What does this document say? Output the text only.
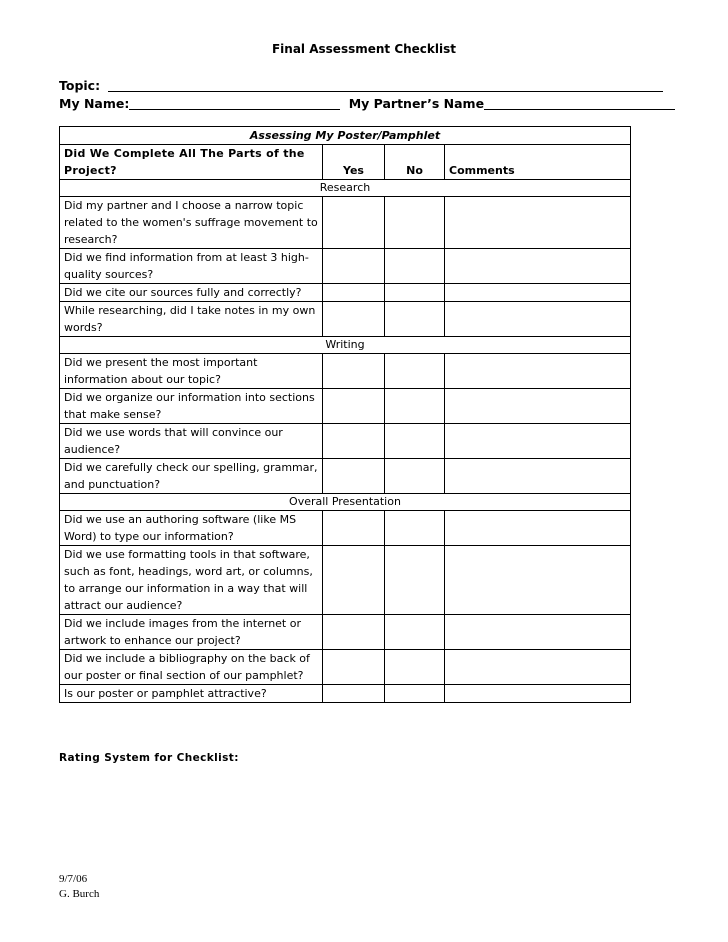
Final Assessment Checklist
Topic:
My Name:	My Partner’s Name
Assessing My Poster/Pamphlet			
Did We Complete All The Parts of the Project?	Yes	No	Comments
Research			
Did my partner and I choose a narrow topic related to the women's suffrage movement to research?			
Did we find information from at least 3 high-quality sources?			
Did we cite our sources fully and correctly?			
While researching, did I take notes in my own words?			
Writing			
Did we present the most important information about our topic?			
Did we organize our information into sections that make sense?			
Did we use words that will convince our audience?			
Did we carefully check our spelling, grammar, and punctuation?			
Overall Presentation			
Did we use an authoring software (like MS Word) to type our information?			
Did we use formatting tools in that software, such as font, headings, word art, or columns, to arrange our information in a way that will attract our audience?			
Did we include images from the internet or artwork to enhance our project?			
Did we include a bibliography on the back of our poster or final section of our pamphlet?			
Is our poster or pamphlet attractive?			
Rating System for Checklist:
9/7/06
G. Burch
